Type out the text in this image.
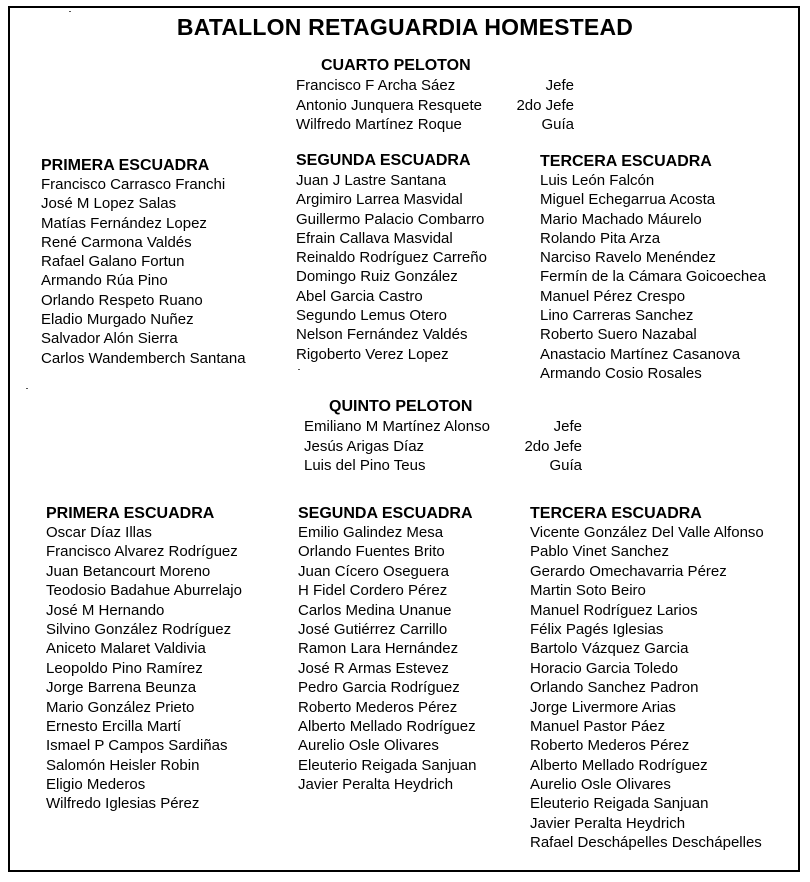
BATALLON RETAGUARDIA HOMESTEAD
CUARTO PELOTON
Francisco F Archa Sáez
Antonio Junquera Resquete
Wilfredo Martínez Roque
Jefe
2do Jefe
Guía
PRIMERA ESCUADRA
Francisco Carrasco Franchi
José M Lopez Salas
Matías Fernández Lopez
René Carmona Valdés
Rafael Galano Fortun
Armando Rúa Pino
Orlando Respeto Ruano
Eladio Murgado Nuñez
Salvador Alón Sierra
Carlos Wandemberch Santana
SEGUNDA ESCUADRA
Juan J Lastre Santana
Argimiro Larrea Masvidal
Guillermo Palacio Combarro
Efrain Callava Masvidal
Reinaldo Rodríguez Carreño
Domingo Ruiz González
Abel Garcia Castro
Segundo Lemus Otero
Nelson Fernández Valdés
Rigoberto Verez Lopez
TERCERA ESCUADRA
Luis León Falcón
Miguel Echegarrua Acosta
Mario Machado Máurelo
Rolando Pita Arza
Narciso Ravelo Menéndez
Fermín de la Cámara Goicoechea
Manuel Pérez Crespo
Lino Carreras Sanchez
Roberto Suero Nazabal
Anastacio Martínez Casanova
Armando Cosio Rosales
QUINTO PELOTON
Emiliano M Martínez Alonso
Jesús Arigas Díaz
Luis del Pino Teus
Jefe
2do Jefe
Guía
PRIMERA ESCUADRA
Oscar Díaz Illas
Francisco Alvarez Rodríguez
Juan Betancourt Moreno
Teodosio Badahue Aburrelajo
José M Hernando
Silvino González Rodríguez
Aniceto Malaret Valdivia
Leopoldo Pino Ramírez
Jorge Barrena Beunza
Mario González Prieto
Ernesto Ercilla Martí
Ismael P Campos Sardiñas
Salomón Heisler Robin
Eligio Mederos
Wilfredo Iglesias Pérez
SEGUNDA ESCUADRA
Emilio Galindez Mesa
Orlando Fuentes Brito
Juan Cícero Oseguera
H Fidel Cordero Pérez
Carlos Medina Unanue
José Gutiérrez Carrillo
Ramon Lara Hernández
José R Armas Estevez
Pedro Garcia Rodríguez
Roberto Mederos Pérez
Alberto Mellado Rodríguez
Aurelio Osle Olivares
Eleuterio Reigada Sanjuan
Javier Peralta Heydrich
TERCERA ESCUADRA
Vicente González Del Valle Alfonso
Pablo Vinet Sanchez
Gerardo Omechavarria Pérez
Martin Soto Beiro
Manuel Rodríguez Larios
Félix Pagés Iglesias
Bartolo Vázquez Garcia
Horacio Garcia Toledo
Orlando Sanchez Padron
Jorge Livermore Arias
Manuel Pastor Páez
Roberto Mederos Pérez
Alberto Mellado Rodríguez
Aurelio Osle Olivares
Eleuterio Reigada Sanjuan
Javier Peralta Heydrich
Rafael Deschápelles Deschápelles
